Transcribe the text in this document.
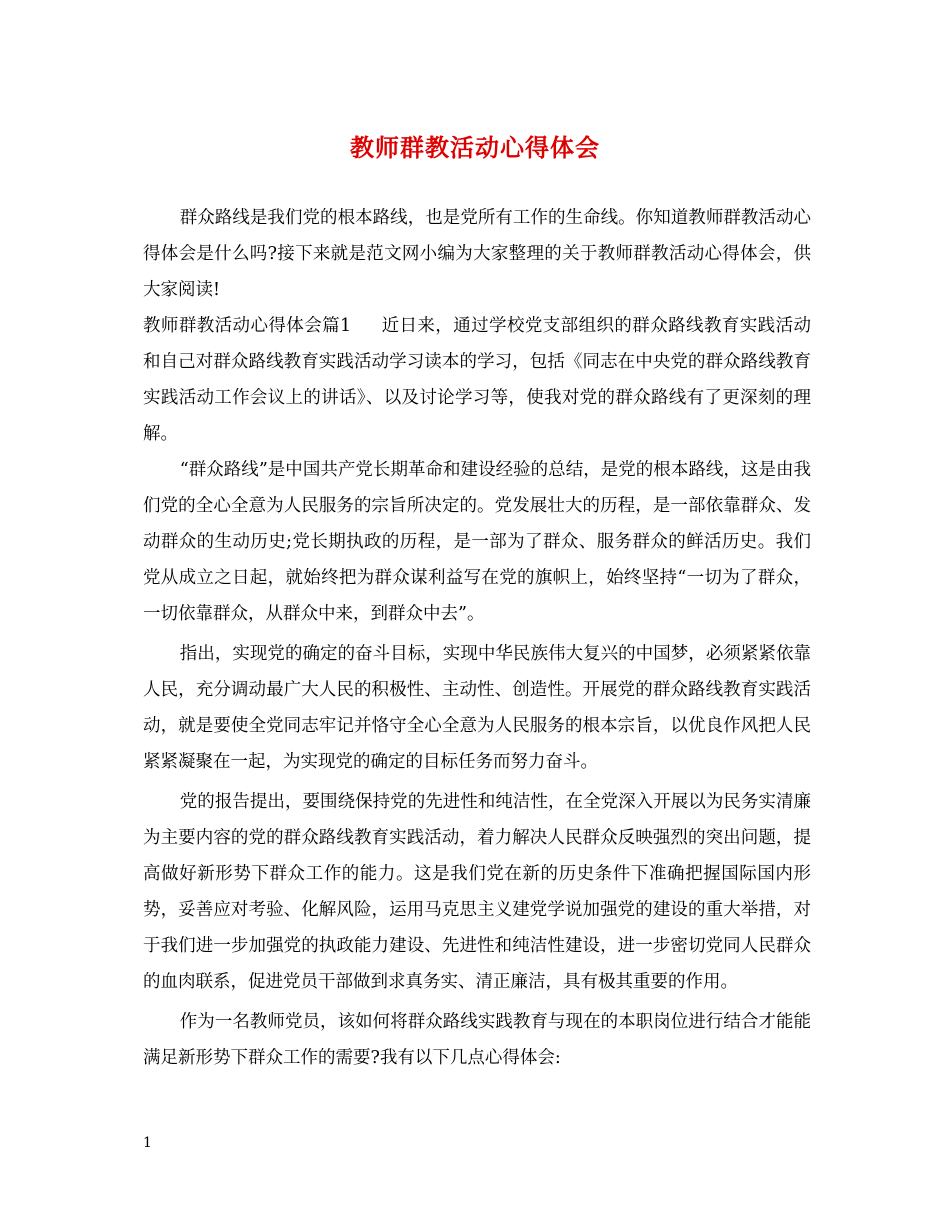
教师群教活动心得体会

群众路线是我们党的根本路线，也是党所有工作的生命线。你知道教师群教活动心得体会是什么吗?接下来就是范文网小编为大家整理的关于教师群教活动心得体会，供大家阅读!

教师群教活动心得体会篇1 近日来，通过学校党支部组织的群众路线教育实践活动和自己对群众路线教育实践活动学习读本的学习，包括《同志在中央党的群众路线教育实践活动工作会议上的讲话》、以及讨论学习等，使我对党的群众路线有了更深刻的理解。

“群众路线”是中国共产党长期革命和建设经验的总结，是党的根本路线，这是由我们党的全心全意为人民服务的宗旨所决定的。党发展壮大的历程，是一部依靠群众、发动群众的生动历史;党长期执政的历程，是一部为了群众、服务群众的鲜活历史。我们党从成立之日起，就始终把为群众谋利益写在党的旗帜上，始终坚持“一切为了群众，一切依靠群众，从群众中来，到群众中去”。

指出，实现党的确定的奋斗目标，实现中华民族伟大复兴的中国梦，必须紧紧依靠人民，充分调动最广大人民的积极性、主动性、创造性。开展党的群众路线教育实践活动，就是要使全党同志牢记并恪守全心全意为人民服务的根本宗旨，以优良作风把人民紧紧凝聚在一起，为实现党的确定的目标任务而努力奋斗。

党的报告提出，要围绕保持党的先进性和纯洁性，在全党深入开展以为民务实清廉为主要内容的党的群众路线教育实践活动，着力解决人民群众反映强烈的突出问题，提高做好新形势下群众工作的能力。这是我们党在新的历史条件下准确把握国际国内形势，妥善应对考验、化解风险，运用马克思主义建党学说加强党的建设的重大举措，对于我们进一步加强党的执政能力建设、先进性和纯洁性建设，进一步密切党同人民群众的血肉联系，促进党员干部做到求真务实、清正廉洁，具有极其重要的作用。

作为一名教师党员，该如何将群众路线实践教育与现在的本职岗位进行结合才能能满足新形势下群众工作的需要?我有以下几点心得体会:

1
